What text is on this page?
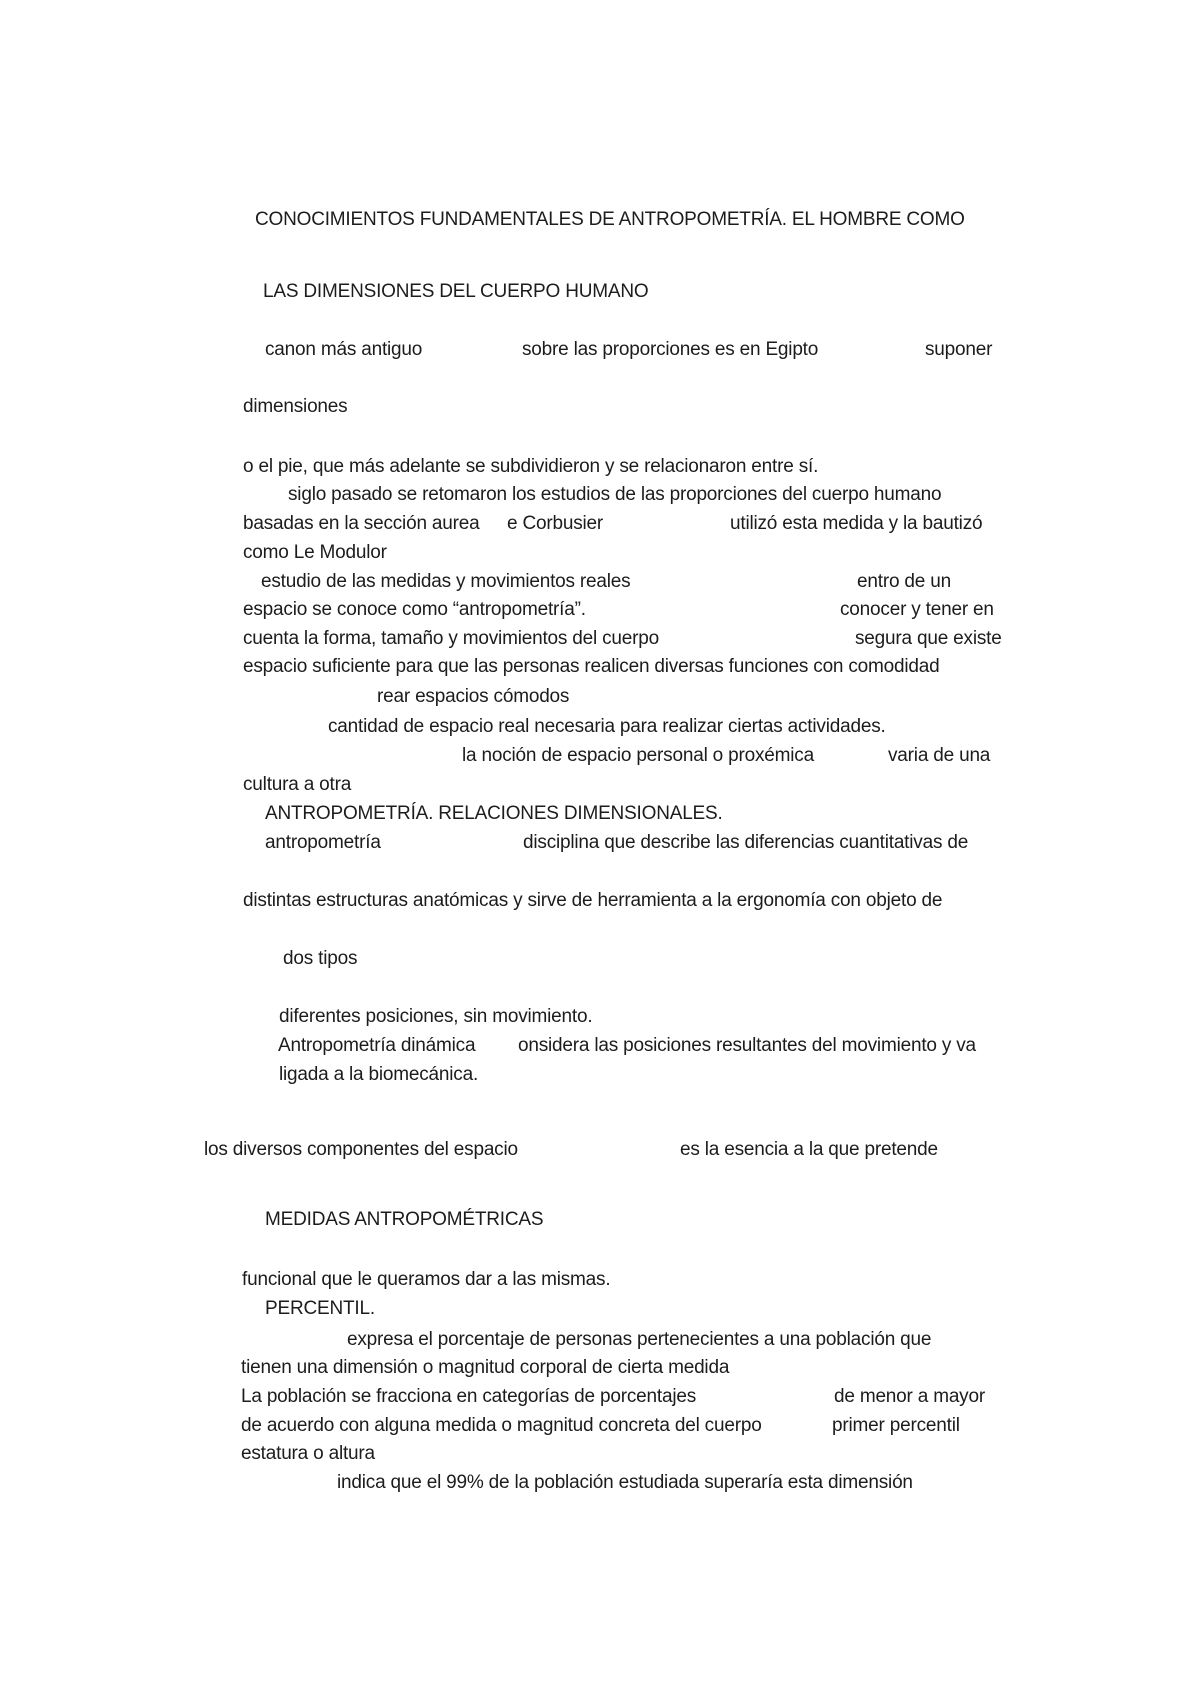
CONOCIMIENTOS FUNDAMENTALES DE ANTROPOMETRÍA. EL HOMBRE COMO
LAS DIMENSIONES DEL CUERPO HUMANO
canon más antiguo	sobre las proporciones es en Egipto	suponer
dimensiones
o el pie, que más adelante se subdividieron y se relacionaron entre sí.
siglo pasado se retomaron los estudios de las proporciones del cuerpo humano
basadas en la sección aurea e Corbusier	utilizó esta medida y la bautizó
como Le Modulor
estudio de las medidas y movimientos reales	entro de un
espacio se conoce como “antropometría”.	conocer y tener en
cuenta la forma, tamaño y movimientos del cuerpo	segura que existe
espacio suficiente para que las personas realicen diversas funciones con comodidad
rear espacios cómodos
cantidad de espacio real necesaria para realizar ciertas actividades.
la noción de espacio personal o proxémica	varia de una
cultura a otra
ANTROPOMETRÍA. RELACIONES DIMENSIONALES.
antropometría	disciplina que describe las diferencias cuantitativas de
distintas estructuras anatómicas y sirve de herramienta a la ergonomía con objeto de
dos tipos
diferentes posiciones, sin movimiento.
Antropometría dinámica onsidera las posiciones resultantes del movimiento y va
ligada a la biomecánica.
los diversos componentes del espacio	es la esencia a la que pretende
MEDIDAS ANTROPOMÉTRICAS
funcional que le queramos dar a las mismas.
PERCENTIL.
expresa el porcentaje de personas pertenecientes a una población que
tienen una dimensión o magnitud corporal de cierta medida
La población se fracciona en categorías de porcentajes	de menor a mayor
de acuerdo con alguna medida o magnitud concreta del cuerpo	primer percentil
estatura o altura
indica que el 99% de la población estudiada superaría esta dimensión
